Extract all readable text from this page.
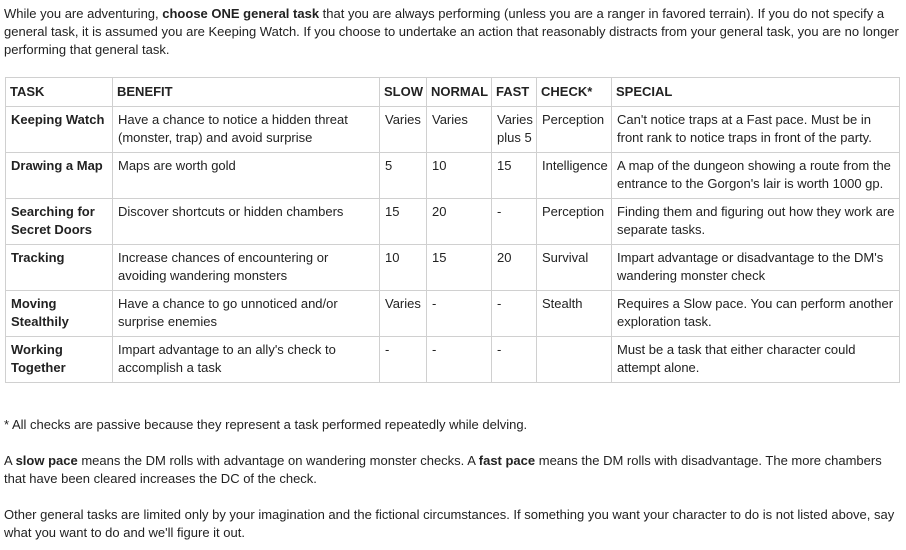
While you are adventuring, choose ONE general task that you are always performing (unless you are a ranger in favored terrain). If you do not specify a general task, it is assumed you are Keeping Watch. If you choose to undertake an action that reasonably distracts from your general task, you are no longer performing that general task.

TASK	BENEFIT	SLOW	NORMAL	FAST	CHECK*	SPECIAL
Keeping Watch	Have a chance to notice a hidden threat (monster, trap) and avoid surprise	Varies	Varies	Varies plus 5	Perception	Can't notice traps at a Fast pace. Must be in front rank to notice traps in front of the party.
Drawing a Map	Maps are worth gold	5	10	15	Intelligence	A map of the dungeon showing a route from the entrance to the Gorgon's lair is worth 1000 gp.
Searching for Secret Doors	Discover shortcuts or hidden chambers	15	20	-	Perception	Finding them and figuring out how they work are separate tasks.
Tracking	Increase chances of encountering or avoiding wandering monsters	10	15	20	Survival	Impart advantage or disadvantage to the DM's wandering monster check
Moving Stealthily	Have a chance to go unnoticed and/or surprise enemies	Varies	-	-	Stealth	Requires a Slow pace. You can perform another exploration task.
Working Together	Impart advantage to an ally's check to accomplish a task	-	-	-		Must be a task that either character could attempt alone.

* All checks are passive because they represent a task performed repeatedly while delving.

A slow pace means the DM rolls with advantage on wandering monster checks. A fast pace means the DM rolls with disadvantage. The more chambers that have been cleared increases the DC of the check.

Other general tasks are limited only by your imagination and the fictional circumstances. If something you want your character to do is not listed above, say what you want to do and we'll figure it out.
